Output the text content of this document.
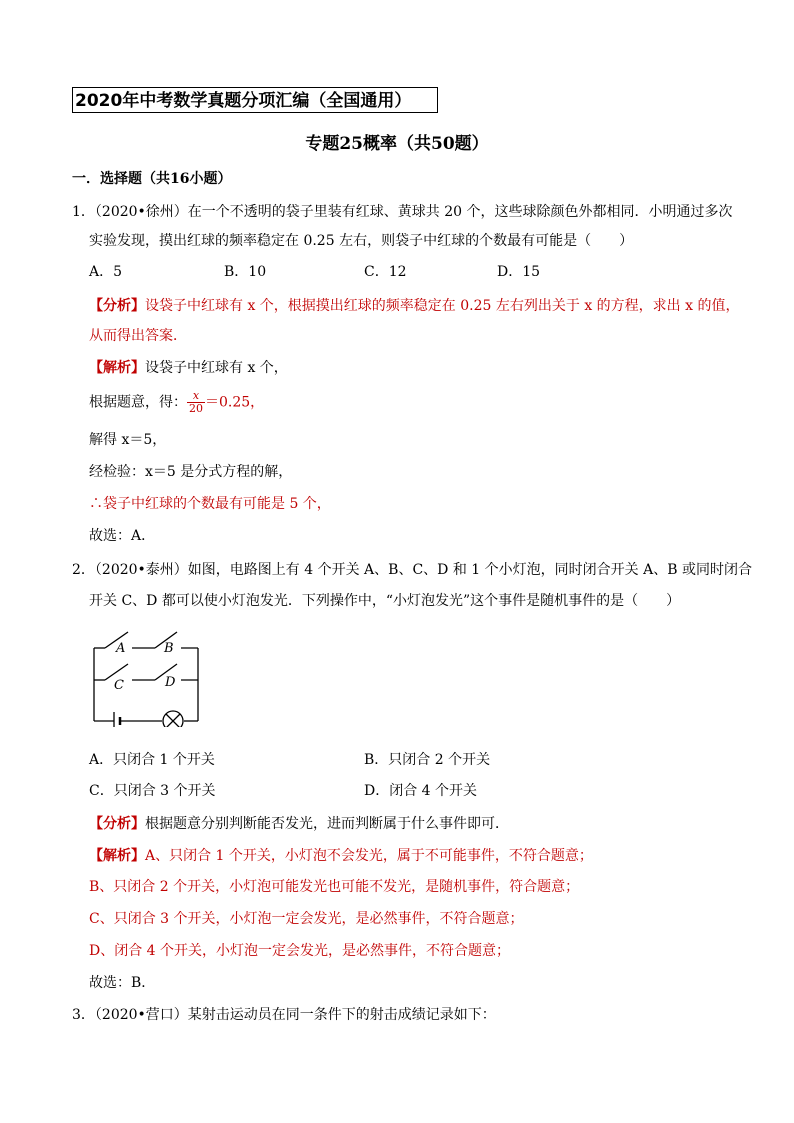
2020年中考数学真题分项汇编（全国通用）
专题25概率（共50题）
一．选择题（共16小题）
1．（2020•徐州）在一个不透明的袋子里装有红球、黄球共 20 个，这些球除颜色外都相同．小明通过多次
实验发现，摸出红球的频率稳定在 0.25 左右，则袋子中红球的个数最有可能是（　　）
A．5	B．10	C．12	D．15
【分析】设袋子中红球有 x 个，根据摸出红球的频率稳定在 0.25 左右列出关于 x 的方程，求出 x 的值，
从而得出答案．
【解析】设袋子中红球有 x 个，
根据题意，得： $\frac{x}{20} =0.25$，
解得 x＝5，
经检验：x＝5 是分式方程的解，
∴袋子中红球的个数最有可能是 5 个，
故选：A．
2．（2020•泰州）如图，电路图上有 4 个开关 A、B、C、D 和 1 个小灯泡，同时闭合开关 A、B 或同时闭合
开关 C、D 都可以使小灯泡发光．下列操作中，“小灯泡发光”这个事件是随机事件的是（　　）
A	B
C	D
A．只闭合 1 个开关	B．只闭合 2 个开关
C．只闭合 3 个开关	D．闭合 4 个开关
【分析】根据题意分别判断能否发光，进而判断属于什么事件即可．
【解析】A、只闭合 1 个开关，小灯泡不会发光，属于不可能事件，不符合题意；
B、只闭合 2 个开关，小灯泡可能发光也可能不发光，是随机事件，符合题意；
C、只闭合 3 个开关，小灯泡一定会发光，是必然事件，不符合题意；
D、闭合 4 个开关，小灯泡一定会发光，是必然事件，不符合题意；
故选：B．
3．（2020•营口）某射击运动员在同一条件下的射击成绩记录如下：
